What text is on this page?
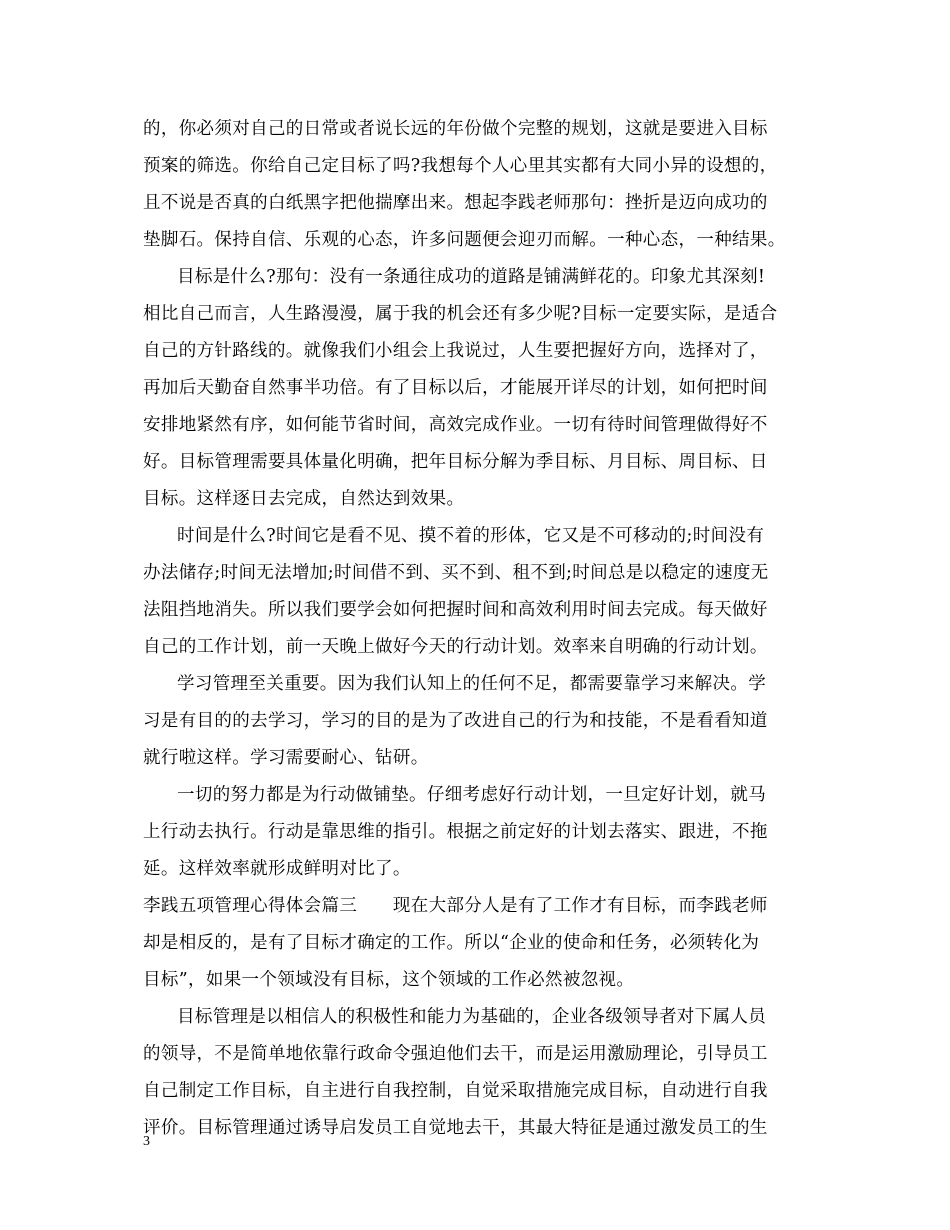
的，你必须对自己的日常或者说长远的年份做个完整的规划，这就是要进入目标
预案的筛选。你给自己定目标了吗?我想每个人心里其实都有大同小异的设想的，
且不说是否真的白纸黑字把他揣摩出来。想起李践老师那句：挫折是迈向成功的
垫脚石。保持自信、乐观的心态，许多问题便会迎刃而解。一种心态，一种结果。
目标是什么?那句：没有一条通往成功的道路是铺满鲜花的。印象尤其深刻!
相比自己而言，人生路漫漫，属于我的机会还有多少呢?目标一定要实际，是适合
自己的方针路线的。就像我们小组会上我说过，人生要把握好方向，选择对了，
再加后天勤奋自然事半功倍。有了目标以后，才能展开详尽的计划，如何把时间
安排地紧然有序，如何能节省时间，高效完成作业。一切有待时间管理做得好不
好。目标管理需要具体量化明确，把年目标分解为季目标、月目标、周目标、日
目标。这样逐日去完成，自然达到效果。
时间是什么?时间它是看不见、摸不着的形体，它又是不可移动的;时间没有
办法储存;时间无法增加;时间借不到、买不到、租不到;时间总是以稳定的速度无
法阻挡地消失。所以我们要学会如何把握时间和高效利用时间去完成。每天做好
自己的工作计划，前一天晚上做好今天的行动计划。效率来自明确的行动计划。
学习管理至关重要。因为我们认知上的任何不足，都需要靠学习来解决。学
习是有目的的去学习，学习的目的是为了改进自己的行为和技能，不是看看知道
就行啦这样。学习需要耐心、钻研。
一切的努力都是为行动做铺垫。仔细考虑好行动计划，一旦定好计划，就马
上行动去执行。行动是靠思维的指引。根据之前定好的计划去落实、跟进，不拖
延。这样效率就形成鲜明对比了。
李践五项管理心得体会篇三　　现在大部分人是有了工作才有目标，而李践老师
却是相反的，是有了目标才确定的工作。所以“企业的使命和任务，必须转化为
目标”，如果一个领域没有目标，这个领域的工作必然被忽视。
目标管理是以相信人的积极性和能力为基础的，企业各级领导者对下属人员
的领导，不是简单地依靠行政命令强迫他们去干，而是运用激励理论，引导员工
自己制定工作目标，自主进行自我控制，自觉采取措施完成目标，自动进行自我
评价。目标管理通过诱导启发员工自觉地去干，其最大特征是通过激发员工的生
3
